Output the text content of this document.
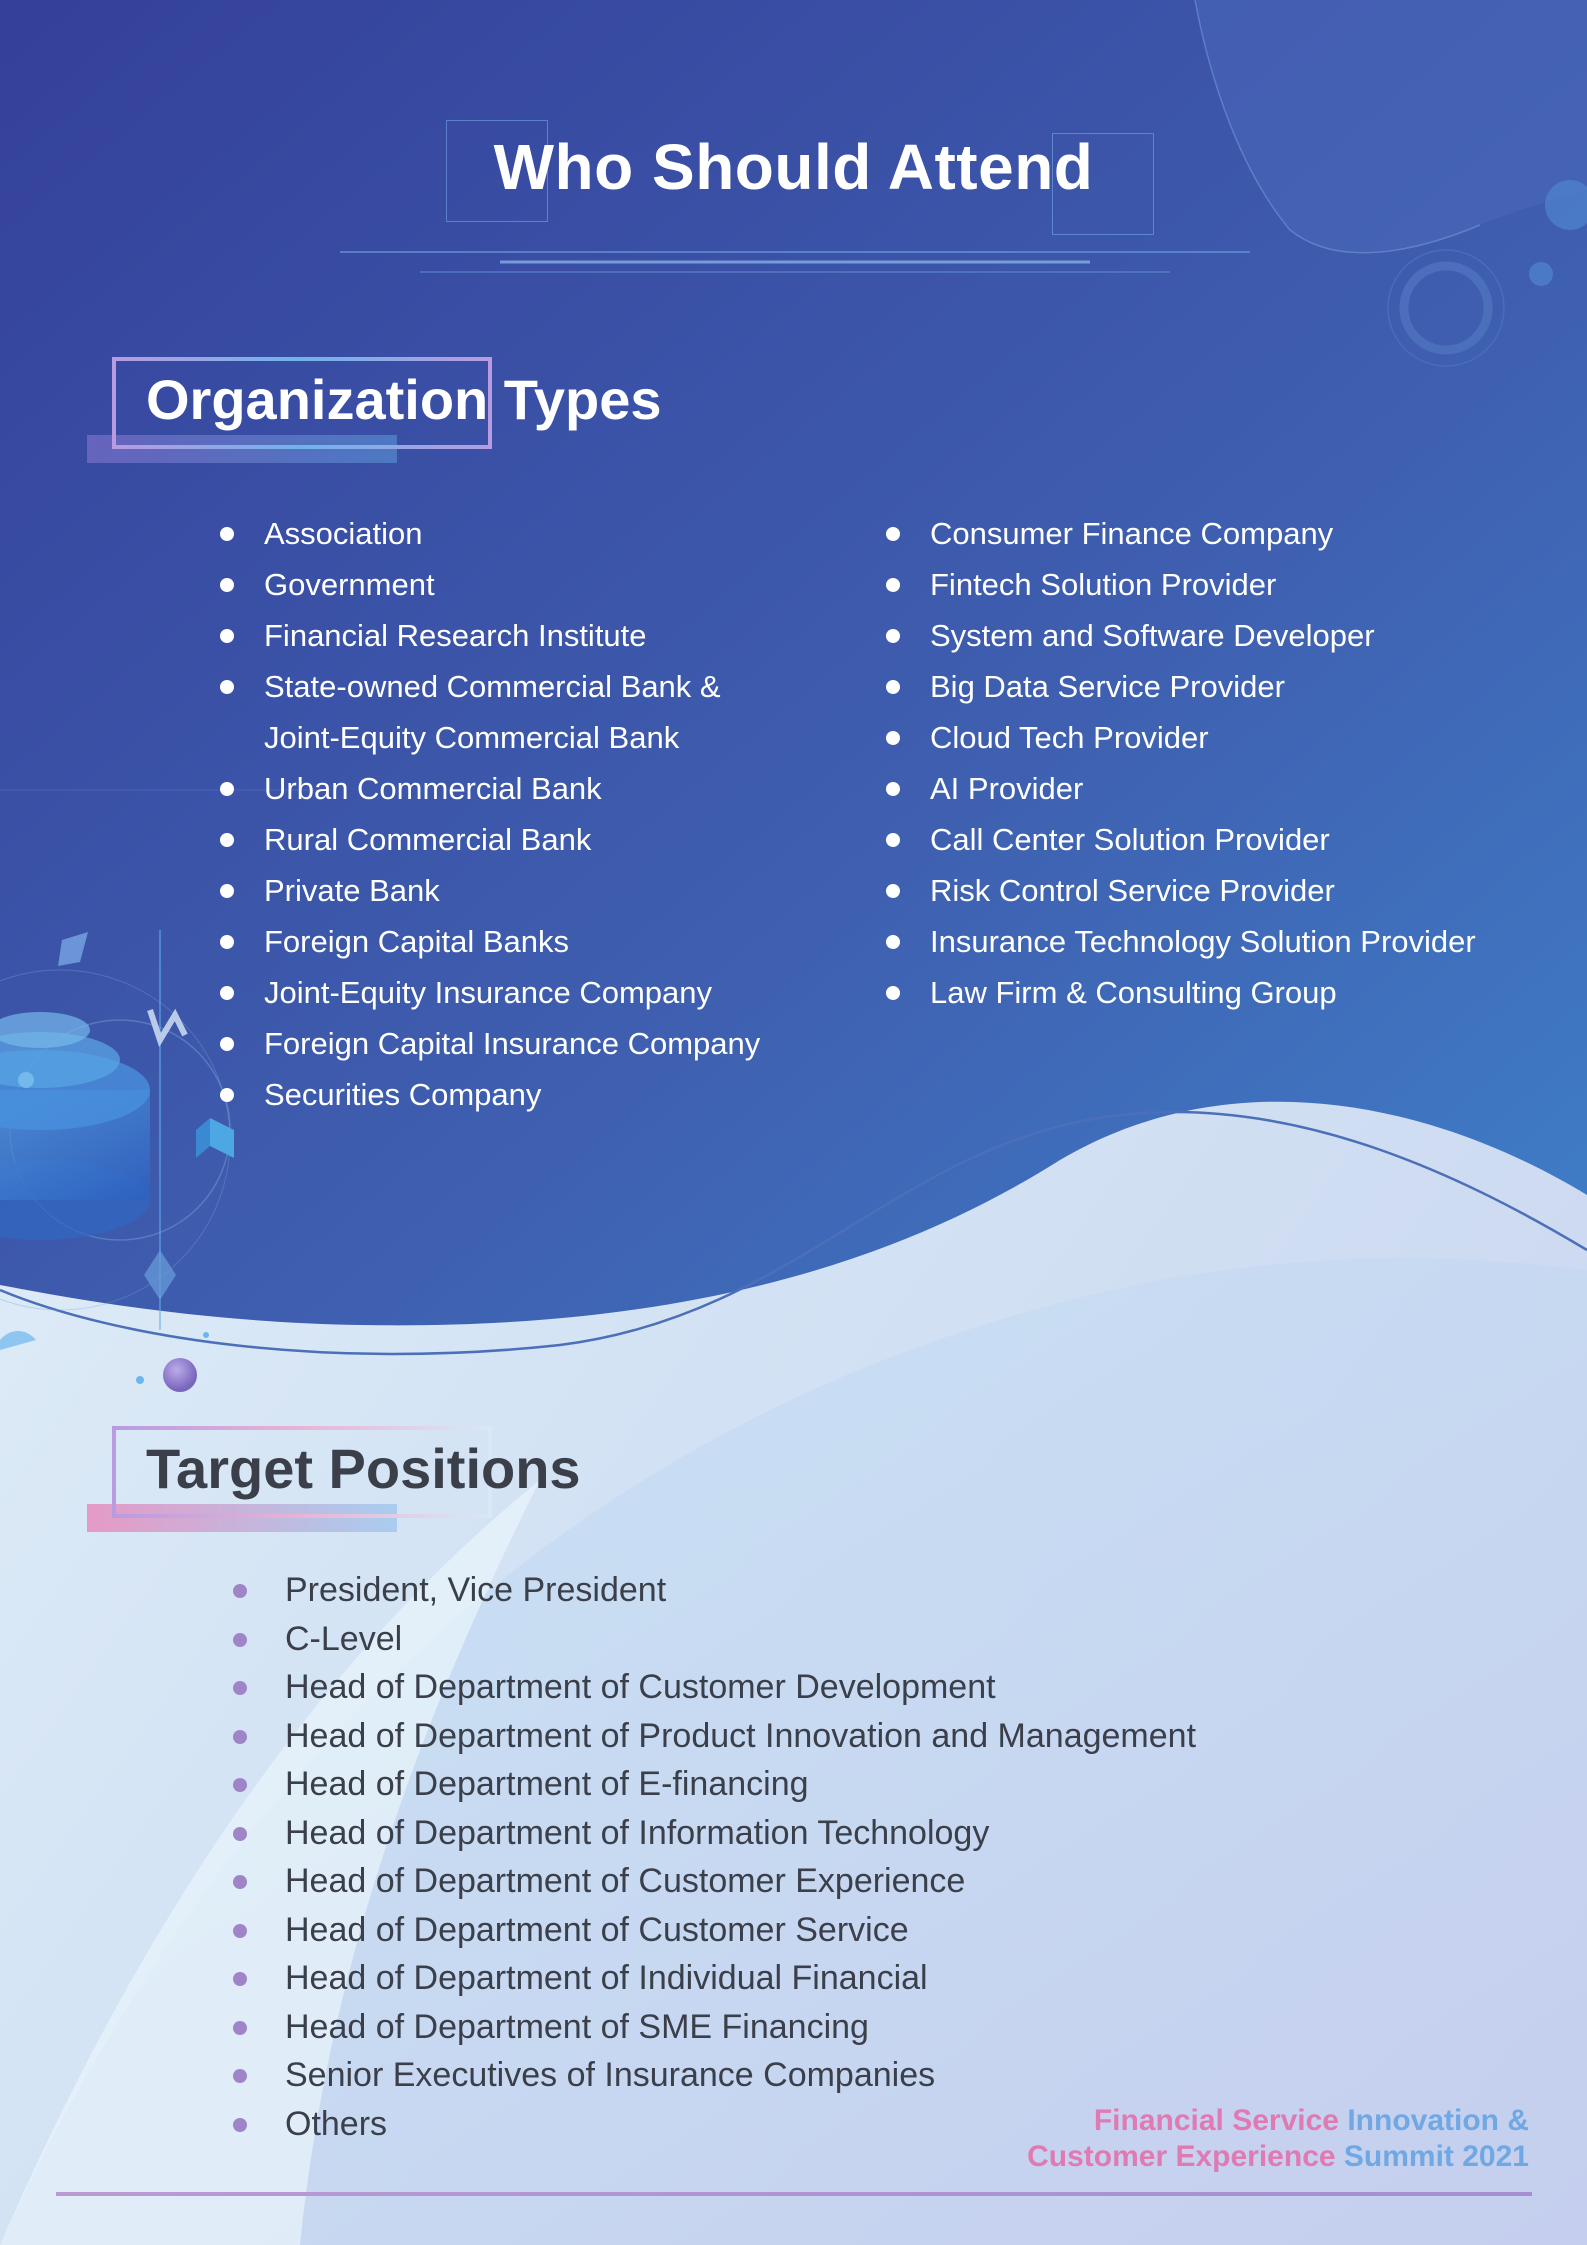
Who Should Attend
Organization Types
Association
Government
Financial Research Institute
State-owned Commercial Bank & Joint-Equity Commercial Bank
Urban Commercial Bank
Rural Commercial Bank
Private Bank
Foreign Capital Banks
Joint-Equity Insurance Company
Foreign Capital Insurance Company
Securities Company
Consumer Finance Company
Fintech Solution Provider
System and Software Developer
Big Data Service Provider
Cloud Tech Provider
AI Provider
Call Center Solution Provider
Risk Control Service Provider
Insurance Technology Solution Provider
Law Firm & Consulting Group
Target Positions
President, Vice President
C-Level
Head of Department of Customer Development
Head of Department of Product Innovation and Management
Head of Department of E-financing
Head of Department of Information Technology
Head of Department of Customer Experience
Head of Department of Customer Service
Head of Department of Individual Financial
Head of Department of SME Financing
Senior Executives of Insurance Companies
Others	Financial Service Innovation &
Customer Experience Summit 2021
